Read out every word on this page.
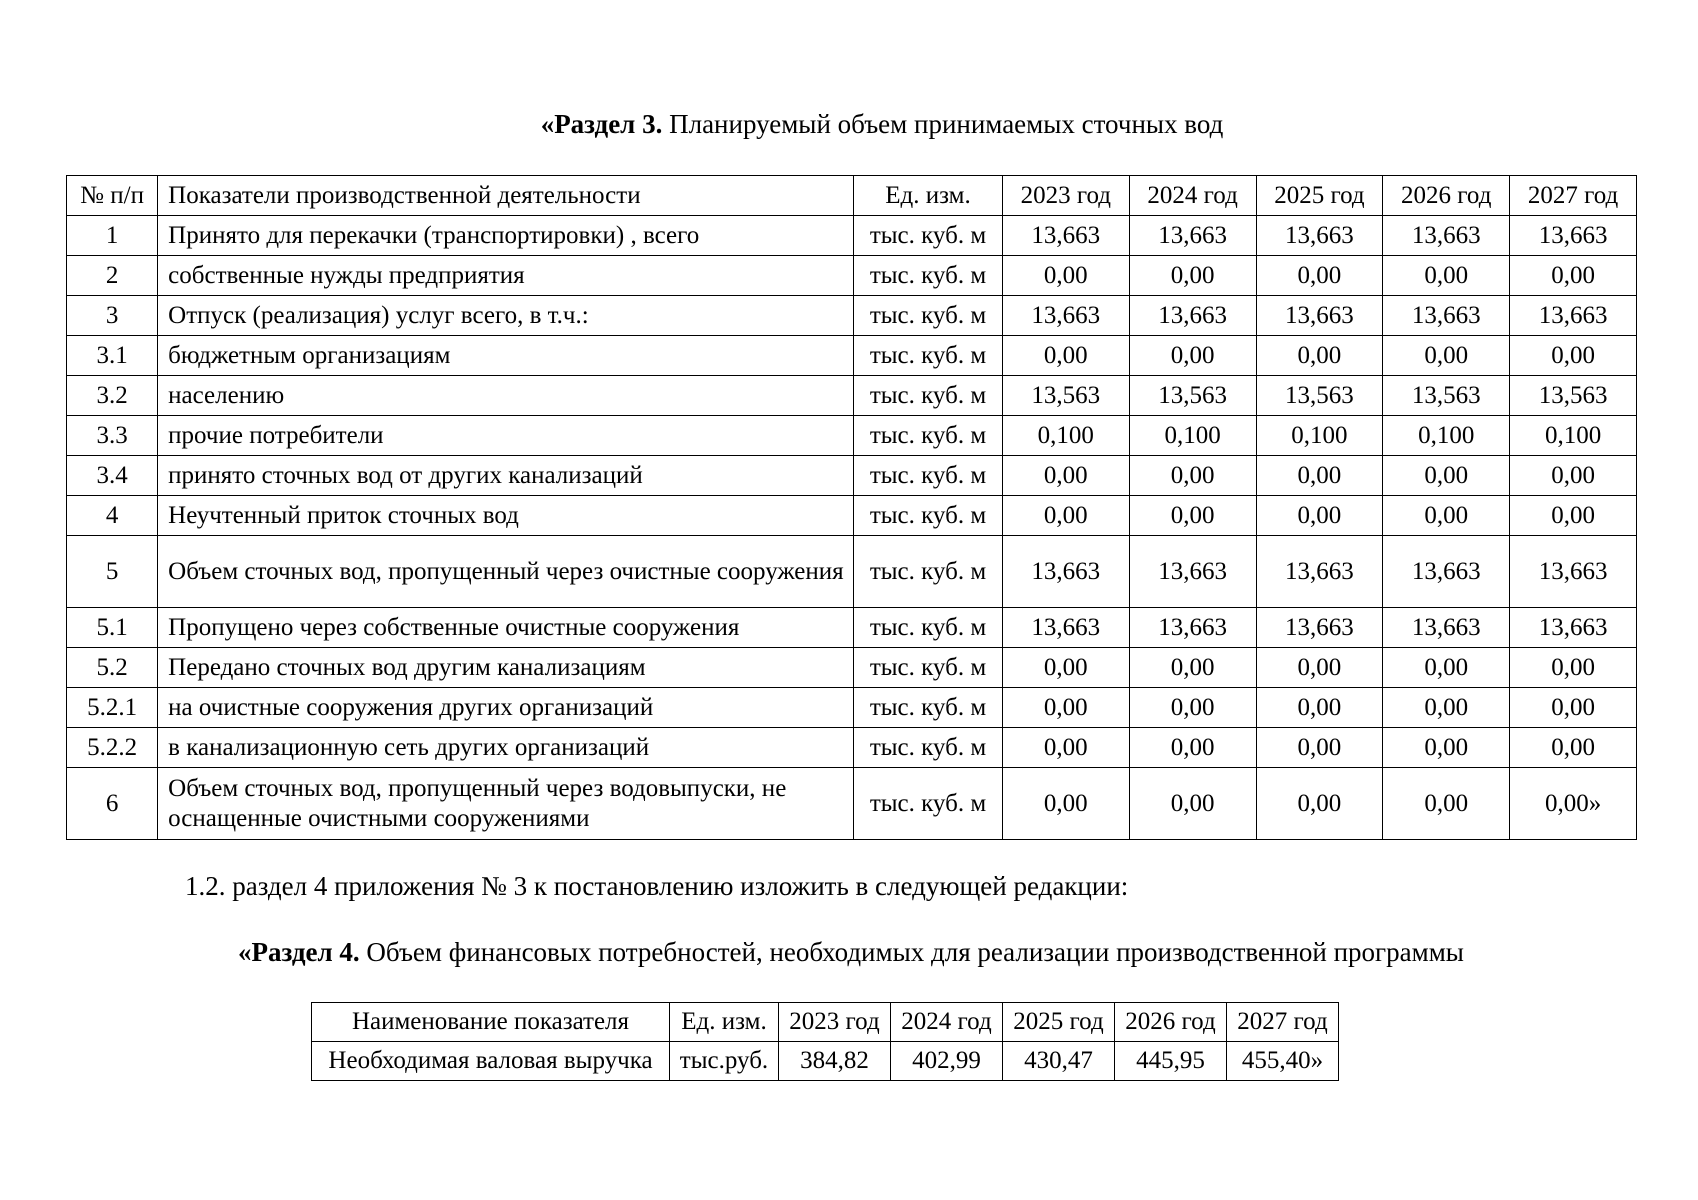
«Раздел 3. Планируемый объем принимаемых сточных вод
№ п/п	Показатели производственной деятельности	Ед. изм.	2023 год	2024 год	2025 год	2026 год	2027 год
1	Принято для перекачки (транспортировки) , всего	тыс. куб. м	13,663	13,663	13,663	13,663	13,663
2	собственные нужды предприятия	тыс. куб. м	0,00	0,00	0,00	0,00	0,00
3	Отпуск (реализация) услуг всего, в т.ч.:	тыс. куб. м	13,663	13,663	13,663	13,663	13,663
3.1	бюджетным организациям	тыс. куб. м	0,00	0,00	0,00	0,00	0,00
3.2	населению	тыс. куб. м	13,563	13,563	13,563	13,563	13,563
3.3	прочие потребители	тыс. куб. м	0,100	0,100	0,100	0,100	0,100
3.4	принято сточных вод от других канализаций	тыс. куб. м	0,00	0,00	0,00	0,00	0,00
4	Неучтенный приток сточных вод	тыс. куб. м	0,00	0,00	0,00	0,00	0,00
5	Объем сточных вод, пропущенный через очистные сооружения	тыс. куб. м	13,663	13,663	13,663	13,663	13,663
5.1	Пропущено через собственные очистные сооружения	тыс. куб. м	13,663	13,663	13,663	13,663	13,663
5.2	Передано сточных вод другим канализациям	тыс. куб. м	0,00	0,00	0,00	0,00	0,00
5.2.1	на очистные сооружения других организаций	тыс. куб. м	0,00	0,00	0,00	0,00	0,00
5.2.2	в канализационную сеть других организаций	тыс. куб. м	0,00	0,00	0,00	0,00	0,00
6	Объем сточных вод, пропущенный через водовыпуски, не оснащенные очистными сооружениями	тыс. куб. м	0,00	0,00	0,00	0,00	0,00»
1.2. раздел 4 приложения № 3 к постановлению изложить в следующей редакции:
«Раздел 4. Объем финансовых потребностей, необходимых для реализации производственной программы
Наименование показателя	Ед. изм.	2023 год	2024 год	2025 год	2026 год	2027 год
Необходимая валовая выручка	тыс.руб.	384,82	402,99	430,47	445,95	455,40»
